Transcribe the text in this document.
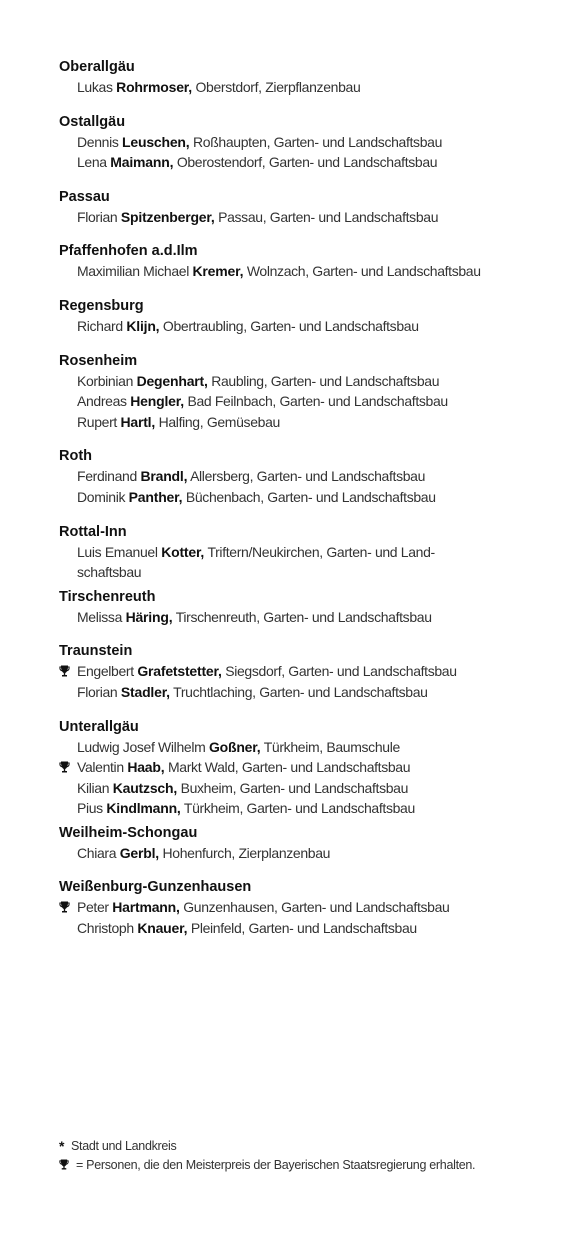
Oberallgäu
Lukas Rohrmoser, Oberstdorf, Zierpflanzenbau
Ostallgäu
Dennis Leuschen, Roßhaupten, Garten- und Landschaftsbau
Lena Maimann, Oberostendorf, Garten- und Landschaftsbau
Passau
Florian Spitzenberger, Passau, Garten- und Landschaftsbau
Pfaffenhofen a.d.Ilm
Maximilian Michael Kremer, Wolnzach, Garten- und Landschaftsbau
Regensburg
Richard Klijn, Obertraubling, Garten- und Landschaftsbau
Rosenheim
Korbinian Degenhart, Raubling, Garten- und Landschaftsbau
Andreas Hengler, Bad Feilnbach, Garten- und Landschaftsbau
Rupert Hartl, Halfing, Gemüsebau
Roth
Ferdinand Brandl, Allersberg, Garten- und Landschaftsbau
Dominik Panther, Büchenbach, Garten- und Landschaftsbau
Rottal-Inn
Luis Emanuel Kotter, Triftern/Neukirchen, Garten- und Land-
schaftsbau
Tirschenreuth
Melissa Häring, Tirschenreuth, Garten- und Landschaftsbau
Traunstein
Engelbert Grafetstetter, Siegsdorf, Garten- und Landschaftsbau
Florian Stadler, Truchtlaching, Garten- und Landschaftsbau
Unterallgäu
Ludwig Josef Wilhelm Goßner, Türkheim, Baumschule
Valentin Haab, Markt Wald, Garten- und Landschaftsbau
Kilian Kautzsch, Buxheim, Garten- und Landschaftsbau
Pius Kindlmann, Türkheim, Garten- und Landschaftsbau
Weilheim-Schongau
Chiara Gerbl, Hohenfurch, Zierplanzenbau
Weißenburg-Gunzenhausen
Peter Hartmann, Gunzenhausen, Garten- und Landschaftsbau
Christoph Knauer, Pleinfeld, Garten- und Landschaftsbau
* Stadt und Landkreis
= Personen, die den Meisterpreis der Bayerischen Staatsregierung erhalten.
